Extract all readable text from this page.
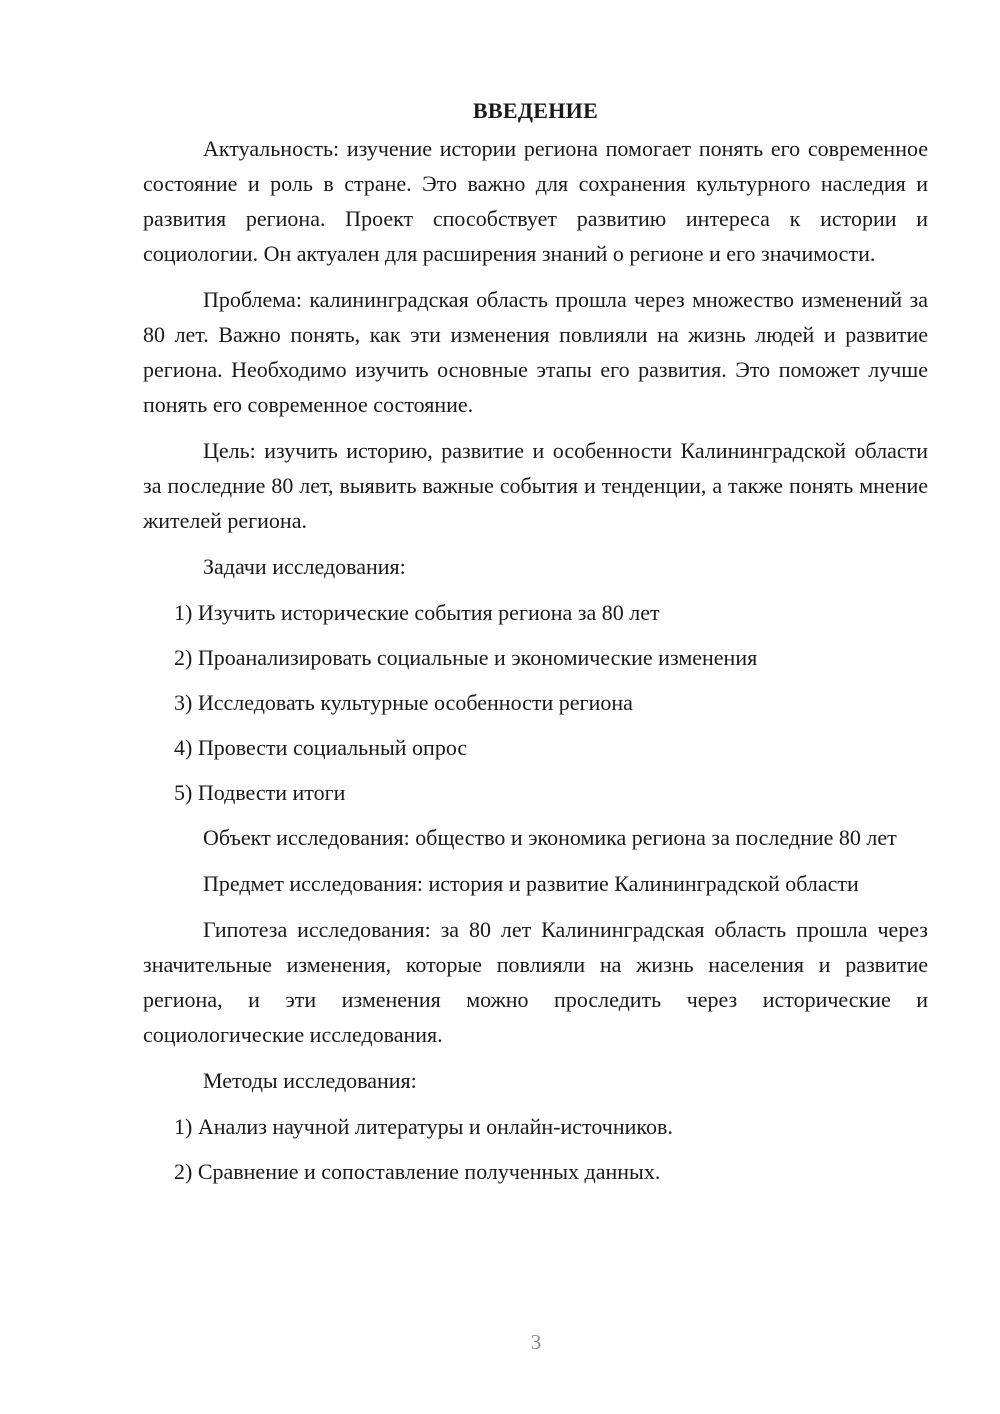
ВВЕДЕНИЕ

Актуальность: изучение истории региона помогает понять его современное состояние и роль в стране. Это важно для сохранения культурного наследия и развития региона. Проект способствует развитию интереса к истории и социологии. Он актуален для расширения знаний о регионе и его значимости.

Проблема: калининградская область прошла через множество изменений за 80 лет. Важно понять, как эти изменения повлияли на жизнь людей и развитие региона. Необходимо изучить основные этапы его развития. Это поможет лучше понять его современное состояние.

Цель: изучить историю, развитие и особенности Калининградской области за последние 80 лет, выявить важные события и тенденции, а также понять мнение жителей региона.

Задачи исследования:

1) Изучить исторические события региона за 80 лет
2) Проанализировать социальные и экономические изменения
3) Исследовать культурные особенности региона
4) Провести социальный опрос
5) Подвести итоги

Объект исследования: общество и экономика региона за последние 80 лет

Предмет исследования: история и развитие Калининградской области

Гипотеза исследования: за 80 лет Калининградская область прошла через значительные изменения, которые повлияли на жизнь населения и развитие региона, и эти изменения можно проследить через исторические и социологические исследования.

Методы исследования:

1) Анализ научной литературы и онлайн-источников.
2) Сравнение и сопоставление полученных данных.
3
